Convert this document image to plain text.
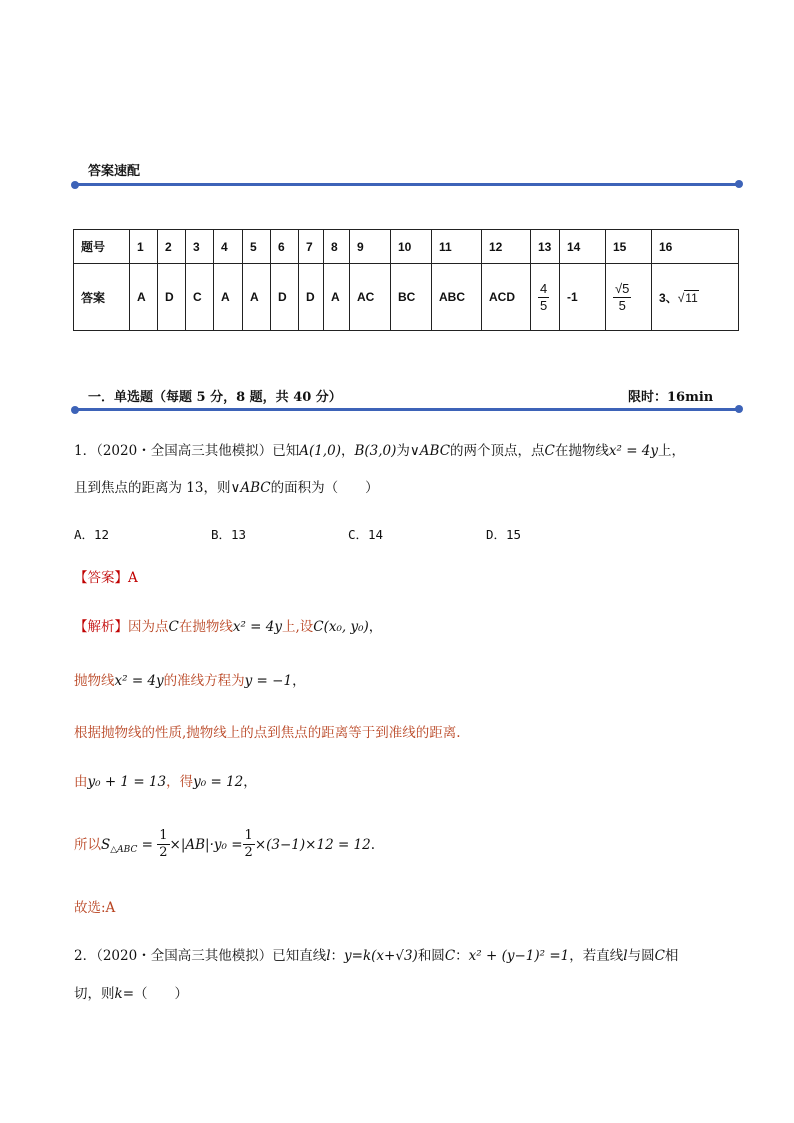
答案速配
题号	1	2	3	4	5	6	7	8	9	10	11	12	13	14	15	16
答案	A	D	C	A	A	D	D	A	AC	BC	ABC	ACD	$\frac{4}{5}$	-1	$\frac{√5}{5}$	3、√11
一．单选题（每题 5 分，8 题，共 40 分）	限时：16min
1．（2020・全国高三其他模拟）已知A(1,0)，B(3,0)为∨ABC的两个顶点，点C在抛物线x² = 4y上，
且到焦点的距离为 13，则∨ABC的面积为（　　）
A．12	B．13	C．14	D．15
【答案】A
【解析】因为点C在抛物线x² = 4y上,设C(x₀, y₀)，
抛物线x² = 4y的准线方程为y = −1，
根据抛物线的性质,抛物线上的点到焦点的距离等于到准线的距离.
由y₀ + 1 = 13，得y₀ = 12，
所以 S △ABC = $\frac{1}{2} \times|AB|\cdot y_0 = \frac{1}{2} \times(3-1)\times 12 = 12$ .
故选:A
2．（2020・全国高三其他模拟）已知直线l：y=k(x+√3)和圆C：x² + (y−1)² =1，若直线l与圆C相
切，则k=（　　）
